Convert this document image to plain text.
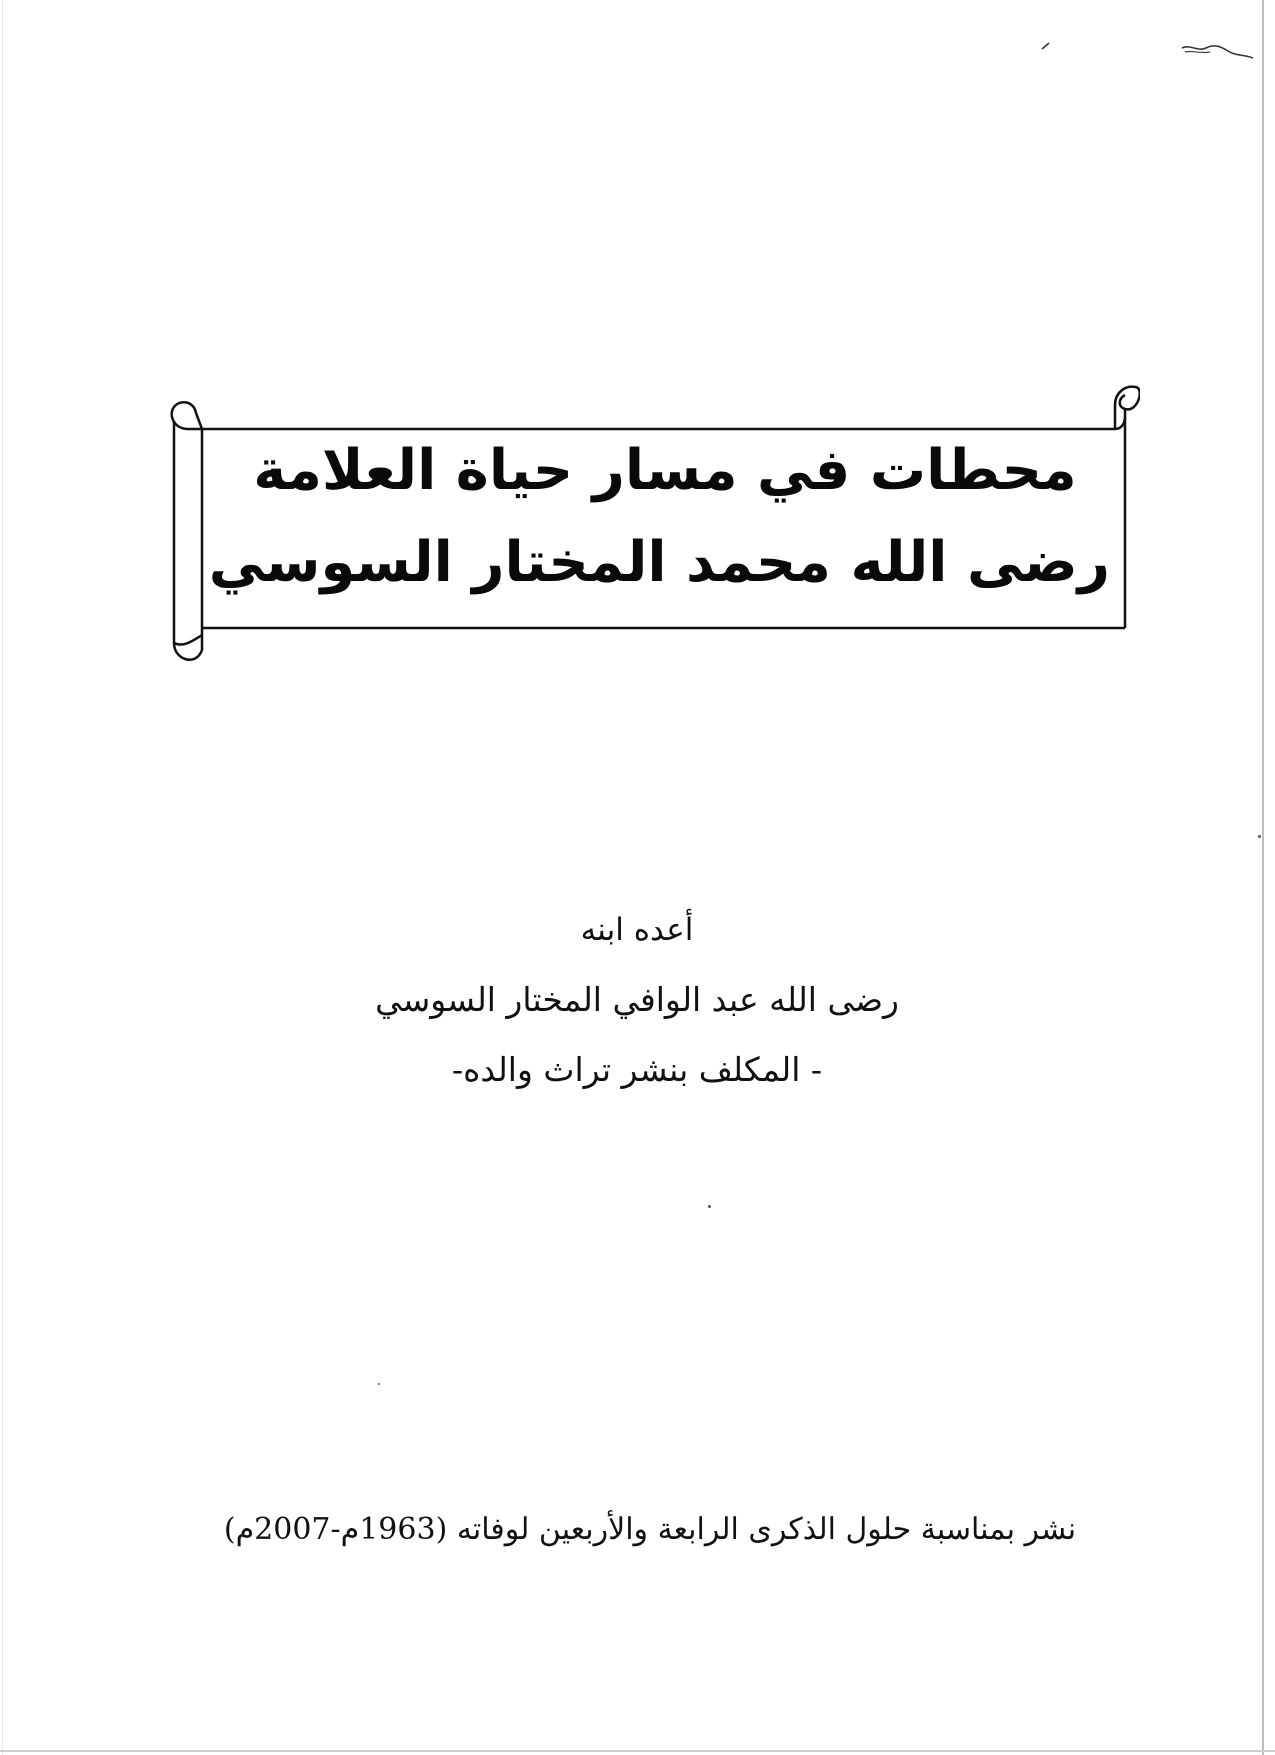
محطات في مسار حياة العلامة
رضى الله محمد المختار السوسي
أعده ابنه
رضى الله عبد الوافي المختار السوسي
- المكلف بنشر تراث والده-
نشر بمناسبة حلول الذكرى الرابعة والأربعين لوفاته (1963م-2007م)
